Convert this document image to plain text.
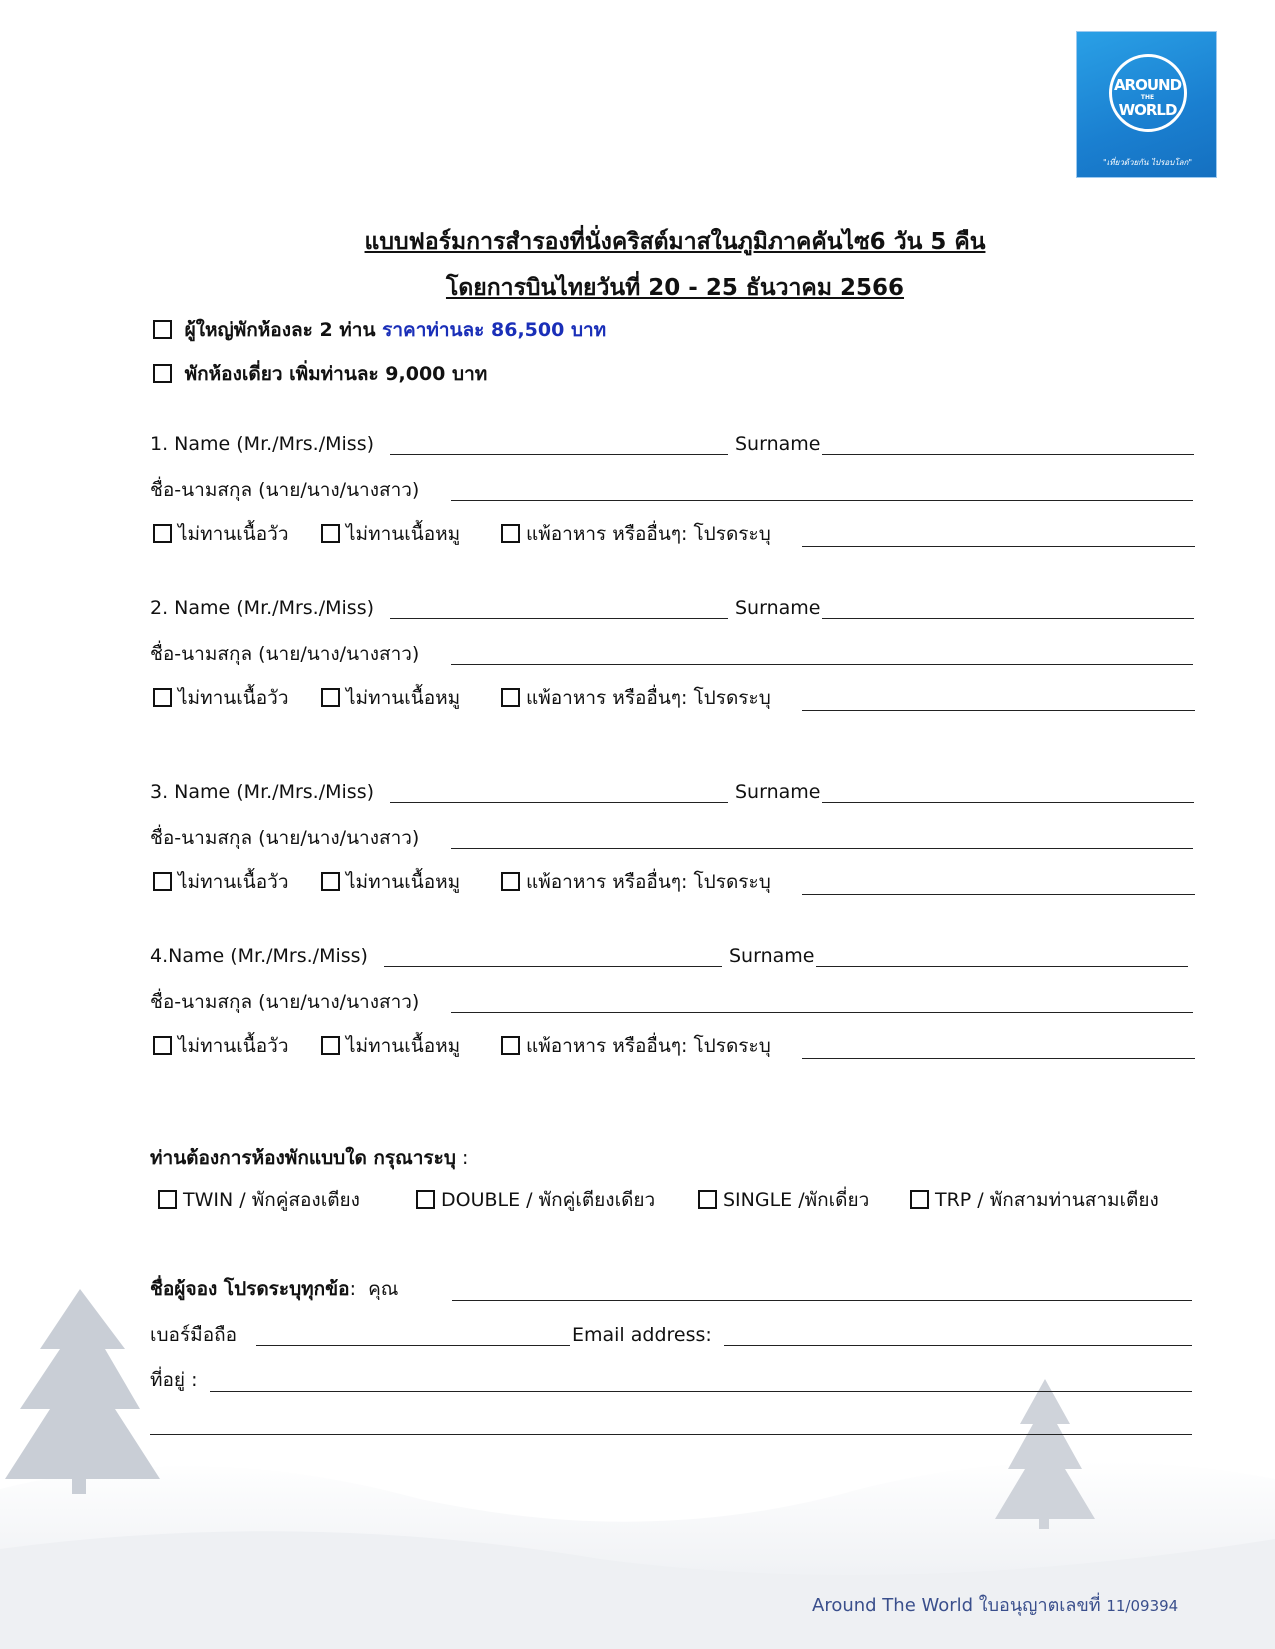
AROUND
THE
WORLD
"เที่ยวด้วยกัน ไปรอบโลก"
แบบฟอร์มการสำรองที่นั่งคริสต์มาสในภูมิภาคคันไซ6 วัน 5 คืน
โดยการบินไทยวันที่ 20 - 25 ธันวาคม 2566
ผู้ใหญ่พักห้องละ 2 ท่าน ราคาท่านละ 86,500 บาท
พักห้องเดี่ยว เพิ่มท่านละ 9,000 บาท
1. Name (Mr./Mrs./Miss)	Surname
ชื่อ-นามสกุล (นาย/นาง/นางสาว)
ไม่ทานเนื้อวัว	ไม่ทานเนื้อหมู	แพ้อาหาร หรืออื่นๆ: โปรดระบุ
2. Name (Mr./Mrs./Miss)	Surname
ชื่อ-นามสกุล (นาย/นาง/นางสาว)
ไม่ทานเนื้อวัว	ไม่ทานเนื้อหมู	แพ้อาหาร หรืออื่นๆ: โปรดระบุ
3. Name (Mr./Mrs./Miss)	Surname
ชื่อ-นามสกุล (นาย/นาง/นางสาว)
ไม่ทานเนื้อวัว	ไม่ทานเนื้อหมู	แพ้อาหาร หรืออื่นๆ: โปรดระบุ
4.Name (Mr./Mrs./Miss)	Surname
ชื่อ-นามสกุล (นาย/นาง/นางสาว)
ไม่ทานเนื้อวัว	ไม่ทานเนื้อหมู	แพ้อาหาร หรืออื่นๆ: โปรดระบุ
ท่านต้องการห้องพักแบบใด กรุณาระบุ :
TWIN / พักคู่สองเตียง	DOUBLE / พักคู่เตียงเดียว	SINGLE /พักเดี่ยว	TRP / พักสามท่านสามเตียง
ชื่อผู้จอง โปรดระบุทุกข้อ: คุณ
เบอร์มือถือ	Email address:
ที่อยู่ :
Around The World ใบอนุญาตเลขที่ 11/09394
